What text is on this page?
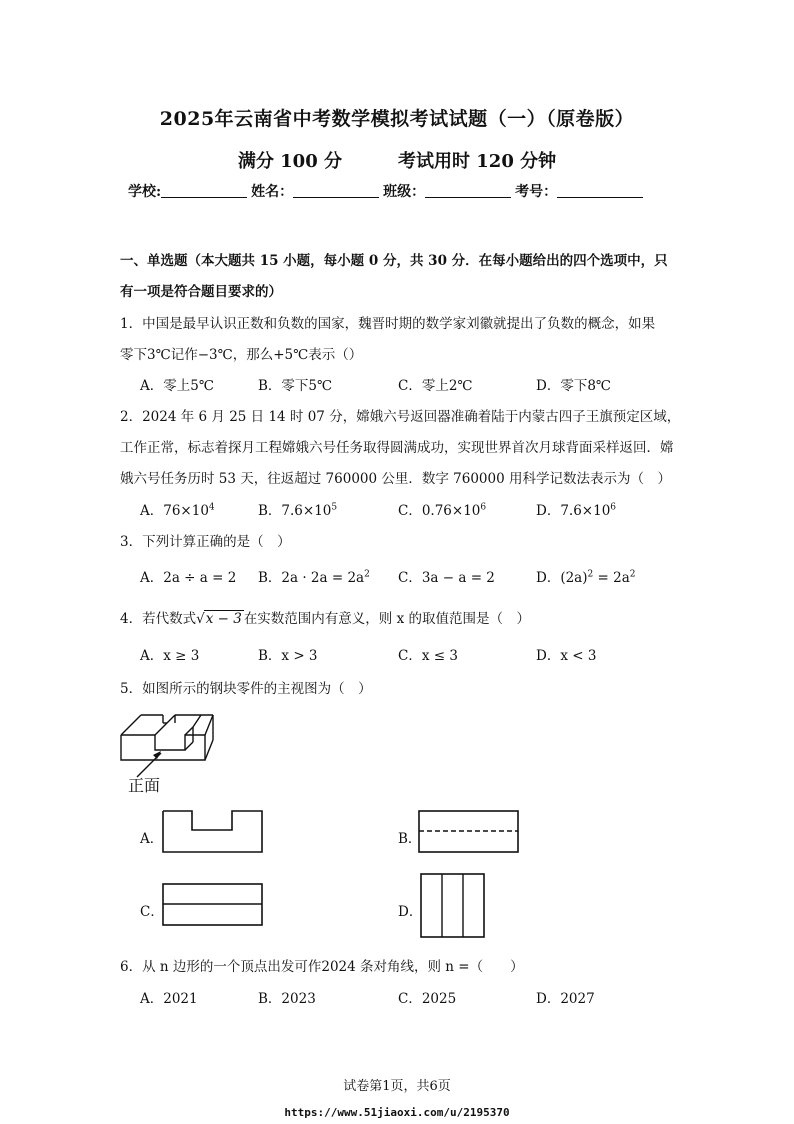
2025年云南省中考数学模拟考试试题（一）（原卷版）
满分 100 分	考试用时 120 分钟
学校:	姓名：	班级：	考号：
一、单选题（本大题共 15 小题，每小题 0 分，共 30 分．在每小题给出的四个选项中，只
有一项是符合题目要求的）
1．中国是最早认识正数和负数的国家，魏晋时期的数学家刘徽就提出了负数的概念，如果
零下3℃记作−3℃，那么+5℃表示（）
A．零上5℃	B．零下5℃	C．零上2℃	D．零下8℃
2．2024 年 6 月 25 日 14 时 07 分，嫦娥六号返回器准确着陆于内蒙古四子王旗预定区域，
工作正常，标志着探月工程嫦娥六号任务取得圆满成功，实现世界首次月球背面采样返回．嫦
娥六号任务历时 53 天，往返超过 760000 公里．数字 760000 用科学记数法表示为（　）
A．$76\times 10^4$	B．$7.6\times 10^5$	C．$0.76\times 10^6$	D．$7.6\times 10^6$
3．下列计算正确的是（　）
A．2a ÷ a = 2 B．$2a \cdot 2a = 2a^2$ C．3a − a = 2	D．$(2a)^2 = 2a^2$
4．若代数式√x − 3 在实数范围内有意义，则 x 的取值范围是（　）
A．x ≥ 3	B．x > 3	C．x ≤ 3	D．x < 3
5．如图所示的钢块零件的主视图为（　）
正面
A．	B．
C．	D．
6．从 n 边形的一个顶点出发可作2024 条对角线，则 n =（　　）
A．2021	B．2023	C．2025	D．2027
试卷第1页，共6页
https://www.51jiaoxi.com/u/2195370
